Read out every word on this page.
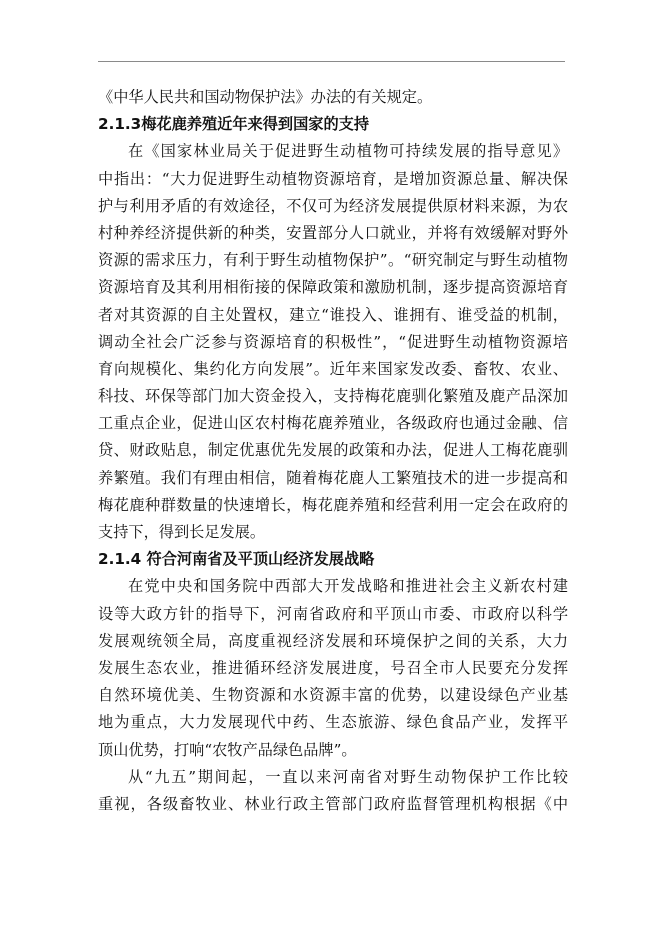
《中华人民共和国动物保护法》办法的有关规定。
2.1.3梅花鹿养殖近年来得到国家的支持
在《国家林业局关于促进野生动植物可持续发展的指导意见》
中指出：“大力促进野生动植物资源培育，是增加资源总量、解决保
护与利用矛盾的有效途径，不仅可为经济发展提供原材料来源，为农
村种养经济提供新的种类，安置部分人口就业，并将有效缓解对野外
资源的需求压力，有利于野生动植物保护”。“研究制定与野生动植物
资源培育及其利用相衔接的保障政策和激励机制，逐步提高资源培育
者对其资源的自主处置权，建立“谁投入、谁拥有、谁受益的机制，
调动全社会广泛参与资源培育的积极性”，“促进野生动植物资源培
育向规模化、集约化方向发展”。近年来国家发改委、畜牧、农业、
科技、环保等部门加大资金投入，支持梅花鹿驯化繁殖及鹿产品深加
工重点企业，促进山区农村梅花鹿养殖业，各级政府也通过金融、信
贷、财政贴息，制定优惠优先发展的政策和办法，促进人工梅花鹿驯
养繁殖。我们有理由相信，随着梅花鹿人工繁殖技术的进一步提高和
梅花鹿种群数量的快速增长，梅花鹿养殖和经营利用一定会在政府的
支持下，得到长足发展。
2.1.4 符合河南省及平顶山经济发展战略
在党中央和国务院中西部大开发战略和推进社会主义新农村建
设等大政方针的指导下，河南省政府和平顶山市委、市政府以科学
发展观统领全局，高度重视经济发展和环境保护之间的关系，大力
发展生态农业，推进循环经济发展进度，号召全市人民要充分发挥
自然环境优美、生物资源和水资源丰富的优势，以建设绿色产业基
地为重点，大力发展现代中药、生态旅游、绿色食品产业，发挥平
顶山优势，打响“农牧产品绿色品牌”。
从“九五”期间起，一直以来河南省对野生动物保护工作比较
重视，各级畜牧业、林业行政主管部门政府监督管理机构根据《中
